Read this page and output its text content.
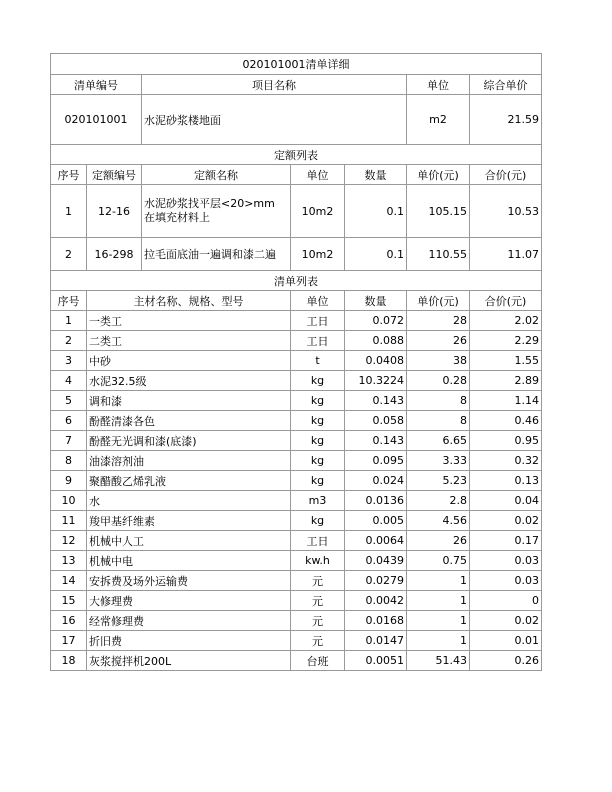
020101001清单详细						
清单编号		项目名称			单位	综合单价
020101001		水泥砂浆楼地面			m2	21.59
定额列表						
序号	定额编号	定额名称	单位	数量	单价(元)	合价(元)
1	12-16	水泥砂浆找平层<20>mm 在填充材料上	10m2	0.1	105.15	10.53
2	16-298	拉毛面底油一遍调和漆二遍	10m2	0.1	110.55	11.07
清单列表						
序号	主材名称、规格、型号		单位	数量	单价(元)	合价(元)
1	一类工		工日	0.072	28	2.02
2	二类工		工日	0.088	26	2.29
3	中砂		t	0.0408	38	1.55
4	水泥32.5级		kg	10.3224	0.28	2.89
5	调和漆		kg	0.143	8	1.14
6	酚醛清漆各色		kg	0.058	8	0.46
7	酚醛无光调和漆(底漆)		kg	0.143	6.65	0.95
8	油漆溶剂油		kg	0.095	3.33	0.32
9	聚醋酸乙烯乳液		kg	0.024	5.23	0.13
10	水		m3	0.0136	2.8	0.04
11	羧甲基纤维素		kg	0.005	4.56	0.02
12	机械中人工		工日	0.0064	26	0.17
13	机械中电		kw.h	0.0439	0.75	0.03
14	安拆费及场外运输费		元	0.0279	1	0.03
15	大修理费		元	0.0042	1	0
16	经常修理费		元	0.0168	1	0.02
17	折旧费		元	0.0147	1	0.01
18	灰浆搅拌机200L		台班	0.0051	51.43	0.26
